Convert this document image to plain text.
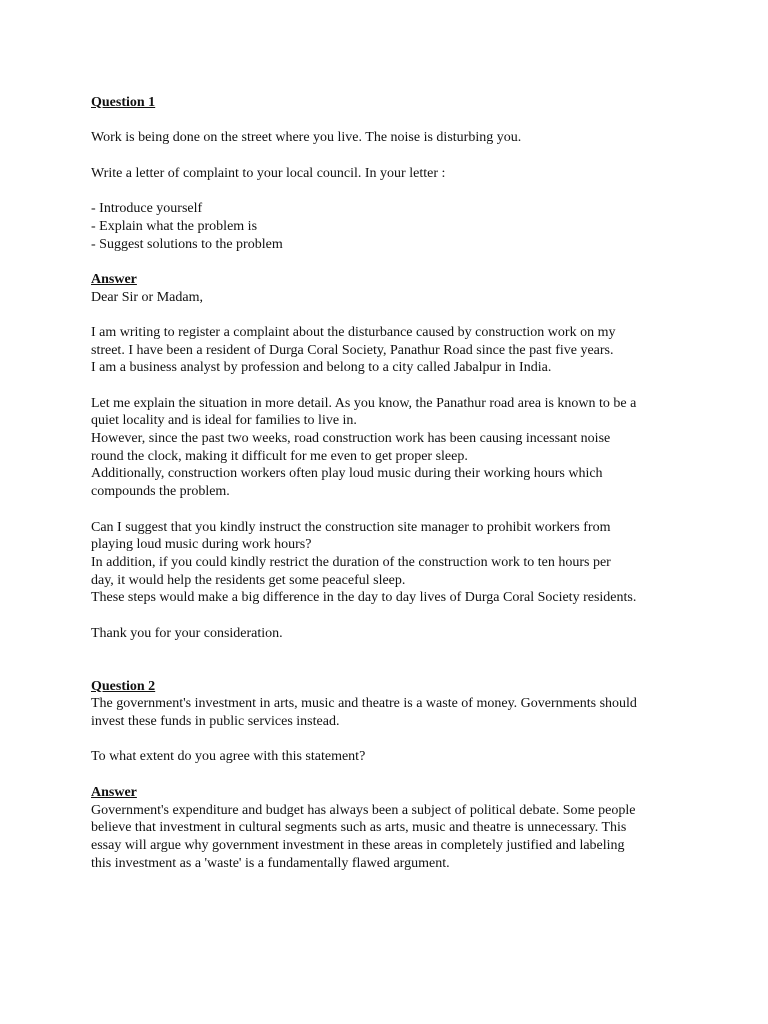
Question 1
Work is being done on the street where you live. The noise is disturbing you.
Write a letter of complaint to your local council. In your letter :
- Introduce yourself
- Explain what the problem is
- Suggest solutions to the problem
Answer
Dear Sir or Madam,
I am writing to register a complaint about the disturbance caused by construction work on my
street. I have been a resident of Durga Coral Society, Panathur Road since the past five years.
I am a business analyst by profession and belong to a city called Jabalpur in India.
Let me explain the situation in more detail. As you know, the Panathur road area is known to be a
quiet locality and is ideal for families to live in.
However, since the past two weeks, road construction work has been causing incessant noise
round the clock, making it difficult for me even to get proper sleep.
Additionally, construction workers often play loud music during their working hours which
compounds the problem.
Can I suggest that you kindly instruct the construction site manager to prohibit workers from
playing loud music during work hours?
In addition, if you could kindly restrict the duration of the construction work to ten hours per
day, it would help the residents get some peaceful sleep.
These steps would make a big difference in the day to day lives of Durga Coral Society residents.
Thank you for your consideration.
Question 2
The government's investment in arts, music and theatre is a waste of money. Governments should
invest these funds in public services instead.
To what extent do you agree with this statement?
Answer
Government's expenditure and budget has always been a subject of political debate. Some people
believe that investment in cultural segments such as arts, music and theatre is unnecessary. This
essay will argue why government investment in these areas in completely justified and labeling
this investment as a 'waste' is a fundamentally flawed argument.
